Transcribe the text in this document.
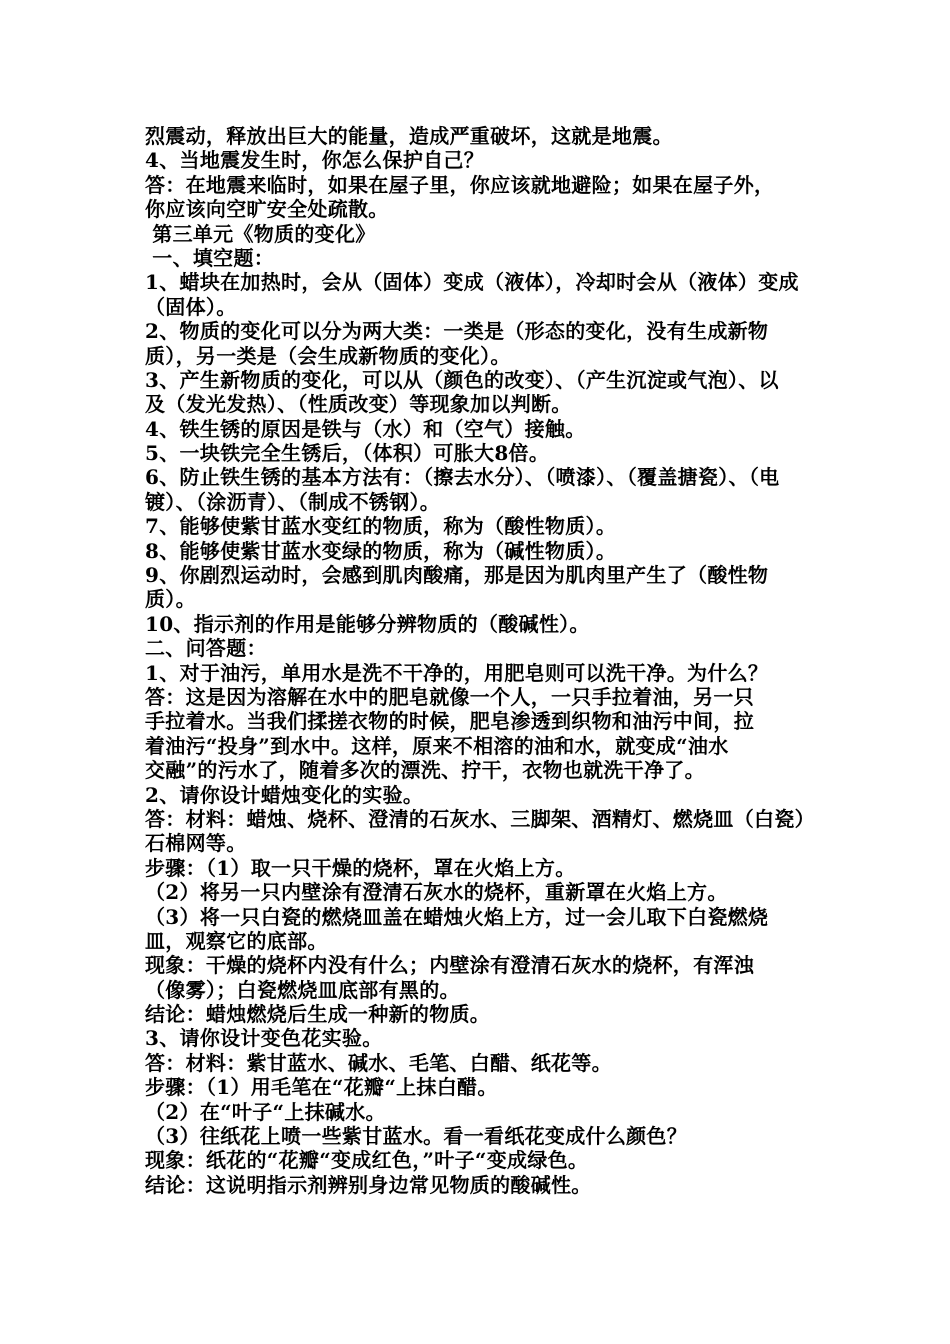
烈震动，释放出巨大的能量，造成严重破坏，这就是地震。
4、当地震发生时，你怎么保护自己？
答：在地震来临时，如果在屋子里，你应该就地避险；如果在屋子外，
你应该向空旷安全处疏散。
第三单元《物质的变化》
一、填空题：
1、蜡块在加热时，会从（固体）变成（液体），冷却时会从（液体）变成
（固体）。
2、物质的变化可以分为两大类：一类是（形态的变化，没有生成新物
质），另一类是（会生成新物质的变化）。
3、产生新物质的变化，可以从（颜色的改变）、（产生沉淀或气泡）、以
及（发光发热）、（性质改变）等现象加以判断。
4、铁生锈的原因是铁与（水）和（空气）接触。
5、一块铁完全生锈后，（体积）可胀大8倍。
6、防止铁生锈的基本方法有：（擦去水分）、（喷漆）、（覆盖搪瓷）、（电
镀）、（涂沥青）、（制成不锈钢）。
7、能够使紫甘蓝水变红的物质，称为（酸性物质）。
8、能够使紫甘蓝水变绿的物质，称为（碱性物质）。
9、你剧烈运动时，会感到肌肉酸痛，那是因为肌肉里产生了（酸性物
质）。
10、指示剂的作用是能够分辨物质的（酸碱性）。
二、问答题：
1、对于油污，单用水是洗不干净的，用肥皂则可以洗干净。为什么？
答：这是因为溶解在水中的肥皂就像一个人，一只手拉着油，另一只
手拉着水。当我们揉搓衣物的时候，肥皂渗透到织物和油污中间，拉
着油污“投身”到水中。这样，原来不相溶的油和水，就变成“油水
交融”的污水了，随着多次的漂洗、拧干，衣物也就洗干净了。
2、请你设计蜡烛变化的实验。
答：材料：蜡烛、烧杯、澄清的石灰水、三脚架、酒精灯、燃烧皿（白瓷）
石棉网等。
步骤：（1）取一只干燥的烧杯，罩在火焰上方。
（2）将另一只内壁涂有澄清石灰水的烧杯，重新罩在火焰上方。
（3）将一只白瓷的燃烧皿盖在蜡烛火焰上方，过一会儿取下白瓷燃烧
皿，观察它的底部。
现象：干燥的烧杯内没有什么；内壁涂有澄清石灰水的烧杯，有浑浊
（像雾）；白瓷燃烧皿底部有黑的。
结论：蜡烛燃烧后生成一种新的物质。
3、请你设计变色花实验。
答：材料：紫甘蓝水、碱水、毛笔、白醋、纸花等。
步骤：（1）用毛笔在“花瓣“上抹白醋。
（2）在“叶子“上抹碱水。
（3）往纸花上喷一些紫甘蓝水。看一看纸花变成什么颜色？
现象：纸花的“花瓣“变成红色，”叶子“变成绿色。
结论：这说明指示剂辨别身边常见物质的酸碱性。
